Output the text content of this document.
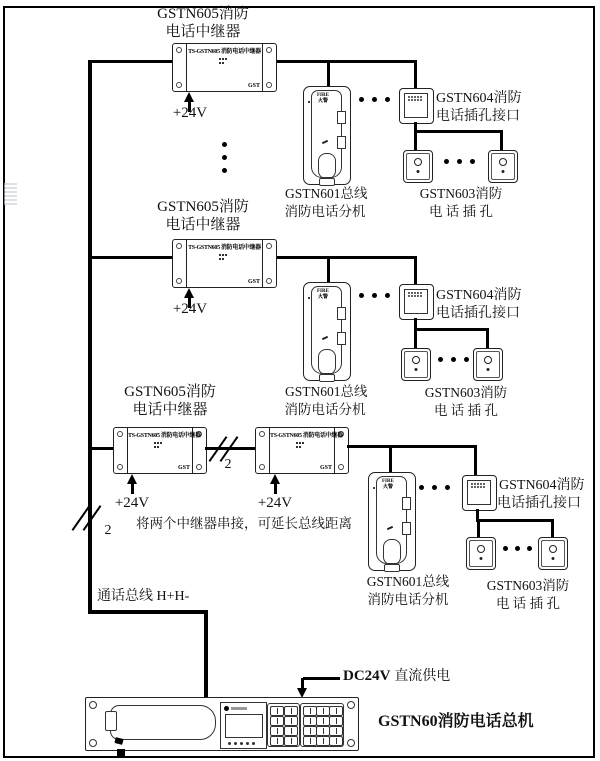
GSTN605消防
电话中继器
TS-GSTN605 消防电话中继器
GST
+24V
FIRE
火警	GSTN604消防
电话插孔接口
GSTN601总线
消防电话分机
GSTN603消防
电 话 插 孔
GSTN605消防
电话中继器
TS-GSTN605 消防电话中继器
GST
+24V
FIRE
火警	GSTN604消防
电话插孔接口
GSTN601总线
消防电话分机
GSTN603消防
电 话 插 孔
GSTN605消防
电话中继器
TS-GSTN605 消防电话中继器
GST	2
TS-GSTN605 消防电话中继器
GST
+24V	+24V
2	将两个中继器串接，可延长总线距离
FIRE
火警	GSTN604消防
电话插孔接口
GSTN601总线
消防电话分机
GSTN603消防
电 话 插 孔
通话总线 H+H-
DC24V 直流供电
GSTN60消防电话总机
